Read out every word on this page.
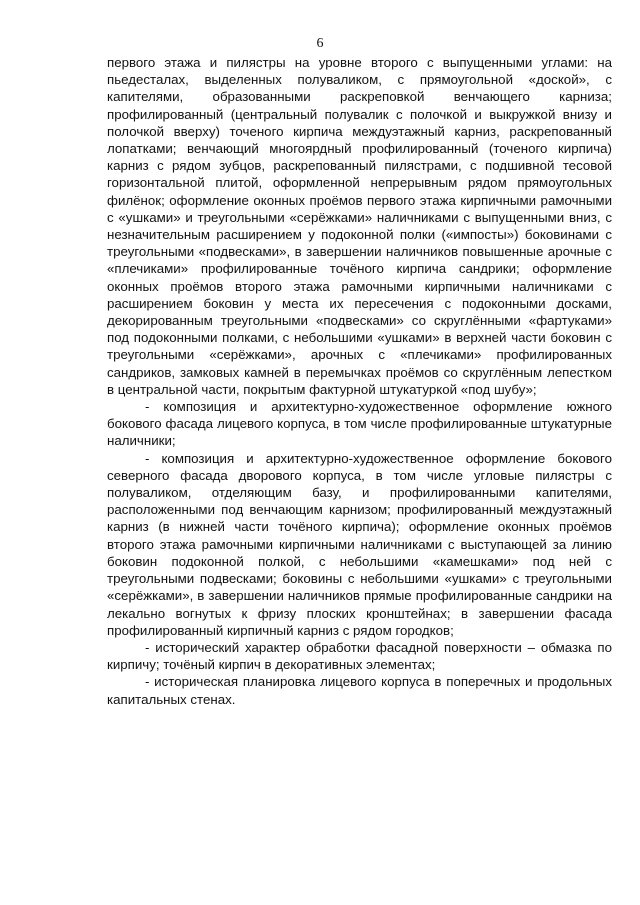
6

первого этажа и пилястры на уровне второго с выпущенными углами: на пьедесталах, выделенных полуваликом, с прямоугольной «доской», с капителями, образованными раскреповкой венчающего карниза; профилированный (центральный полувалик с полочкой и выкружкой внизу и полочкой вверху) точеного кирпича междуэтажный карниз, раскрепованный лопатками; венчающий многоярдный профилированный (точеного кирпича) карниз с рядом зубцов, раскрепованный пилястрами, с подшивной тесовой горизонтальной плитой, оформленной непрерывным рядом прямоугольных филёнок; оформление оконных проёмов первого этажа кирпичными рамочными с «ушками» и треугольными «серёжками» наличниками с выпущенными вниз, с незначительным расширением у подоконной полки («импосты») боковинами с треугольными «подвесками», в завершении наличников повышенные арочные с «плечиками» профилированные точёного кирпича сандрики; оформление оконных проёмов второго этажа рамочными кирпичными наличниками с расширением боковин у места их пересечения с подоконными досками, декорированным треугольными «подвесками» со скруглёнными «фартуками» под подоконными полками, с небольшими «ушками» в верхней части боковин с треугольными «серёжками», арочных с «плечиками» профилированных сандриков, замковых камней в перемычках проёмов со скруглённым лепестком в центральной части, покрытым фактурной штукатуркой «под шубу»;

- композиция и архитектурно-художественное оформление южного бокового фасада лицевого корпуса, в том числе профилированные штукатурные наличники;

- композиция и архитектурно-художественное оформление бокового северного фасада дворового корпуса, в том числе угловые пилястры с полуваликом, отделяющим базу, и профилированными капителями, расположенными под венчающим карнизом; профилированный междуэтажный карниз (в нижней части точёного кирпича); оформление оконных проёмов второго этажа рамочными кирпичными наличниками с выступающей за линию боковин подоконной полкой, с небольшими «камешками» под ней с треугольными подвесками; боковины с небольшими «ушками» с треугольными «серёжками», в завершении наличников прямые профилированные сандрики на лекально вогнутых к фризу плоских кронштейнах; в завершении фасада профилированный кирпичный карниз с рядом городков;

- исторический характер обработки фасадной поверхности – обмазка по кирпичу; точёный кирпич в декоративных элементах;

- историческая планировка лицевого корпуса в поперечных и продольных капитальных стенах.
